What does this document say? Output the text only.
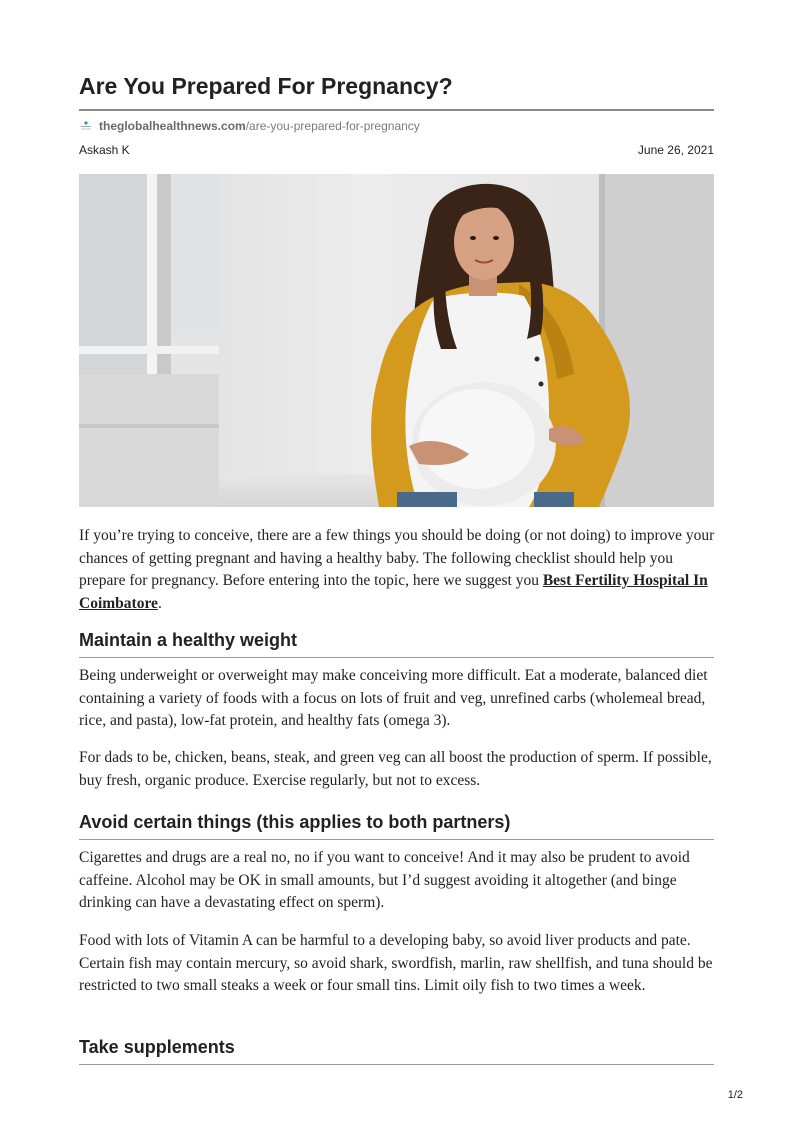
Are You Prepared For Pregnancy?
theglobalhealthnews.com /are-you-prepared-for-pregnancy
Askash K	June 26, 2021

If you’re trying to conceive, there are a few things you should be doing (or not doing) to improve your chances of getting pregnant and having a healthy baby. The following checklist should help you prepare for pregnancy. Before entering into the topic, here we suggest you Best Fertility Hospital In Coimbatore.

Maintain a healthy weight

Being underweight or overweight may make conceiving more difficult. Eat a moderate, balanced diet containing a variety of foods with a focus on lots of fruit and veg, unrefined carbs (wholemeal bread, rice, and pasta), low-fat protein, and healthy fats (omega 3).

For dads to be, chicken, beans, steak, and green veg can all boost the production of sperm. If possible, buy fresh, organic produce. Exercise regularly, but not to excess.

Avoid certain things (this applies to both partners)

Cigarettes and drugs are a real no, no if you want to conceive! And it may also be prudent to avoid caffeine. Alcohol may be OK in small amounts, but I’d suggest avoiding it altogether (and binge drinking can have a devastating effect on sperm).

Food with lots of Vitamin A can be harmful to a developing baby, so avoid liver products and pate. Certain fish may contain mercury, so avoid shark, swordfish, marlin, raw shellfish, and tuna should be restricted to two small steaks a week or four small tins. Limit oily fish to two times a week.

Take supplements
1/2
